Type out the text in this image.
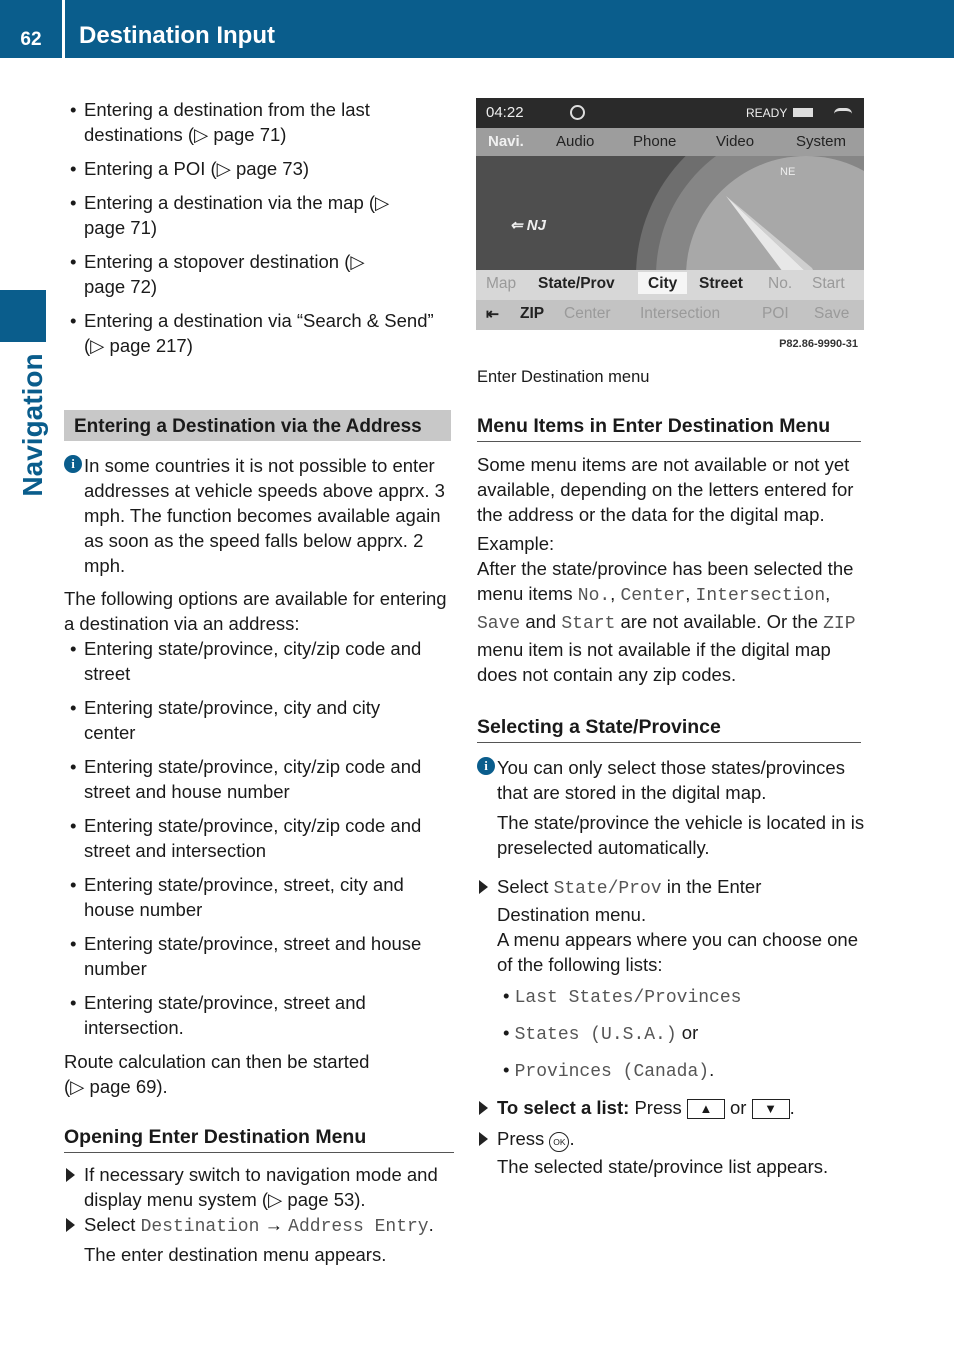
62	Destination Input
Navigation
• Entering a destination from the last destinations (▷ page 71)
• Entering a POI (▷ page 73)
• Entering a destination via the map (▷ page 71)
• Entering a stopover destination (▷ page 72)
• Entering a destination via “Search & Send” (▷ page 217)
Entering a Destination via the Address
i In some countries it is not possible to enter addresses at vehicle speeds above apprx. 3 mph. The function becomes available again as soon as the speed falls below apprx. 2 mph.

The following options are available for entering a destination via an address:

• Entering state/province, city/zip code and street
• Entering state/province, city and city center
• Entering state/province, city/zip code and street and house number
• Entering state/province, city/zip code and street and intersection
• Entering state/province, street, city and house number
• Entering state/province, street and house number
• Entering state/province, street and intersection.

Route calculation can then be started (▷ page 69).

Opening Enter Destination Menu

If necessary switch to navigation mode and display menu system (▷ page 53).

Select Destination → Address Entry.

The enter destination menu appears.

04:22	READY
Navi. Audio	Phone	Video	System
⇐ NJ
NE
Map State/Prov	City	Street No. Start
⇤ ZIP Center Intersection	POI Save
P82.86-9990-31

Enter Destination menu

Menu Items in Enter Destination Menu

Some menu items are not available or not yet available, depending on the letters entered for the address or the data for the digital map.

Example:

After the state/province has been selected the menu items No., Center, Intersection, Save and Start are not available. Or the ZIP menu item is not available if the digital map does not contain any zip codes.

Selecting a State/Province

i You can only select those states/provinces that are stored in the digital map.

The state/province the vehicle is located in is preselected automatically.

Select State/Prov in the Enter Destination menu.

A menu appears where you can choose one of the following lists:

• Last States/Provinces

• States (U.S.A.) or

• Provinces (Canada).

To select a list: Press ▲ or ▼ .

Press OK .

The selected state/province list appears.
